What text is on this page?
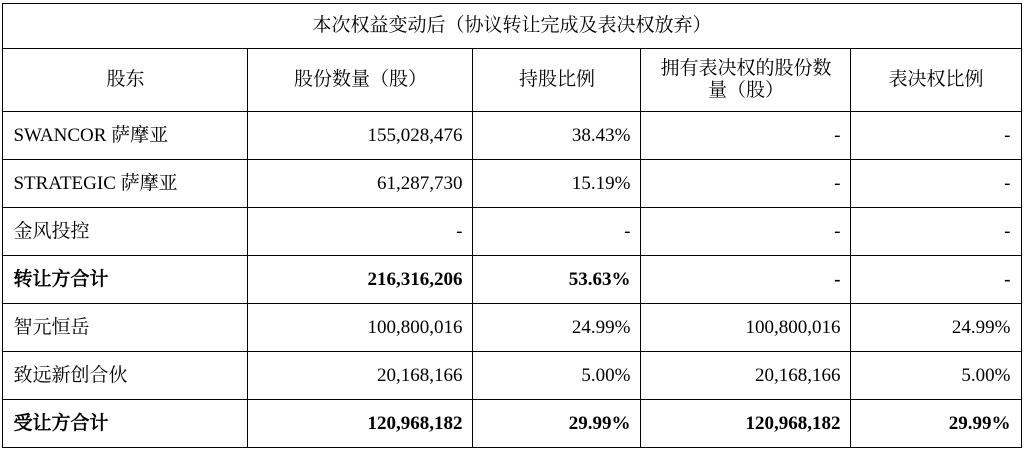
本次权益变动后（协议转让完成及表决权放弃）				
股东	股份数量（股）	持股比例	拥有表决权的股份数量（股）	表决权比例
SWANCOR 萨摩亚	155,028,476	38.43%	-	-
STRATEGIC 萨摩亚	61,287,730	15.19%	-	-
金风投控	-	-	-	-
转让方合计	216,316,206	53.63%	-	-
智元恒岳	100,800,016	24.99%	100,800,016	24.99%
致远新创合伙	20,168,166	5.00%	20,168,166	5.00%
受让方合计	120,968,182	29.99%	120,968,182	29.99%
